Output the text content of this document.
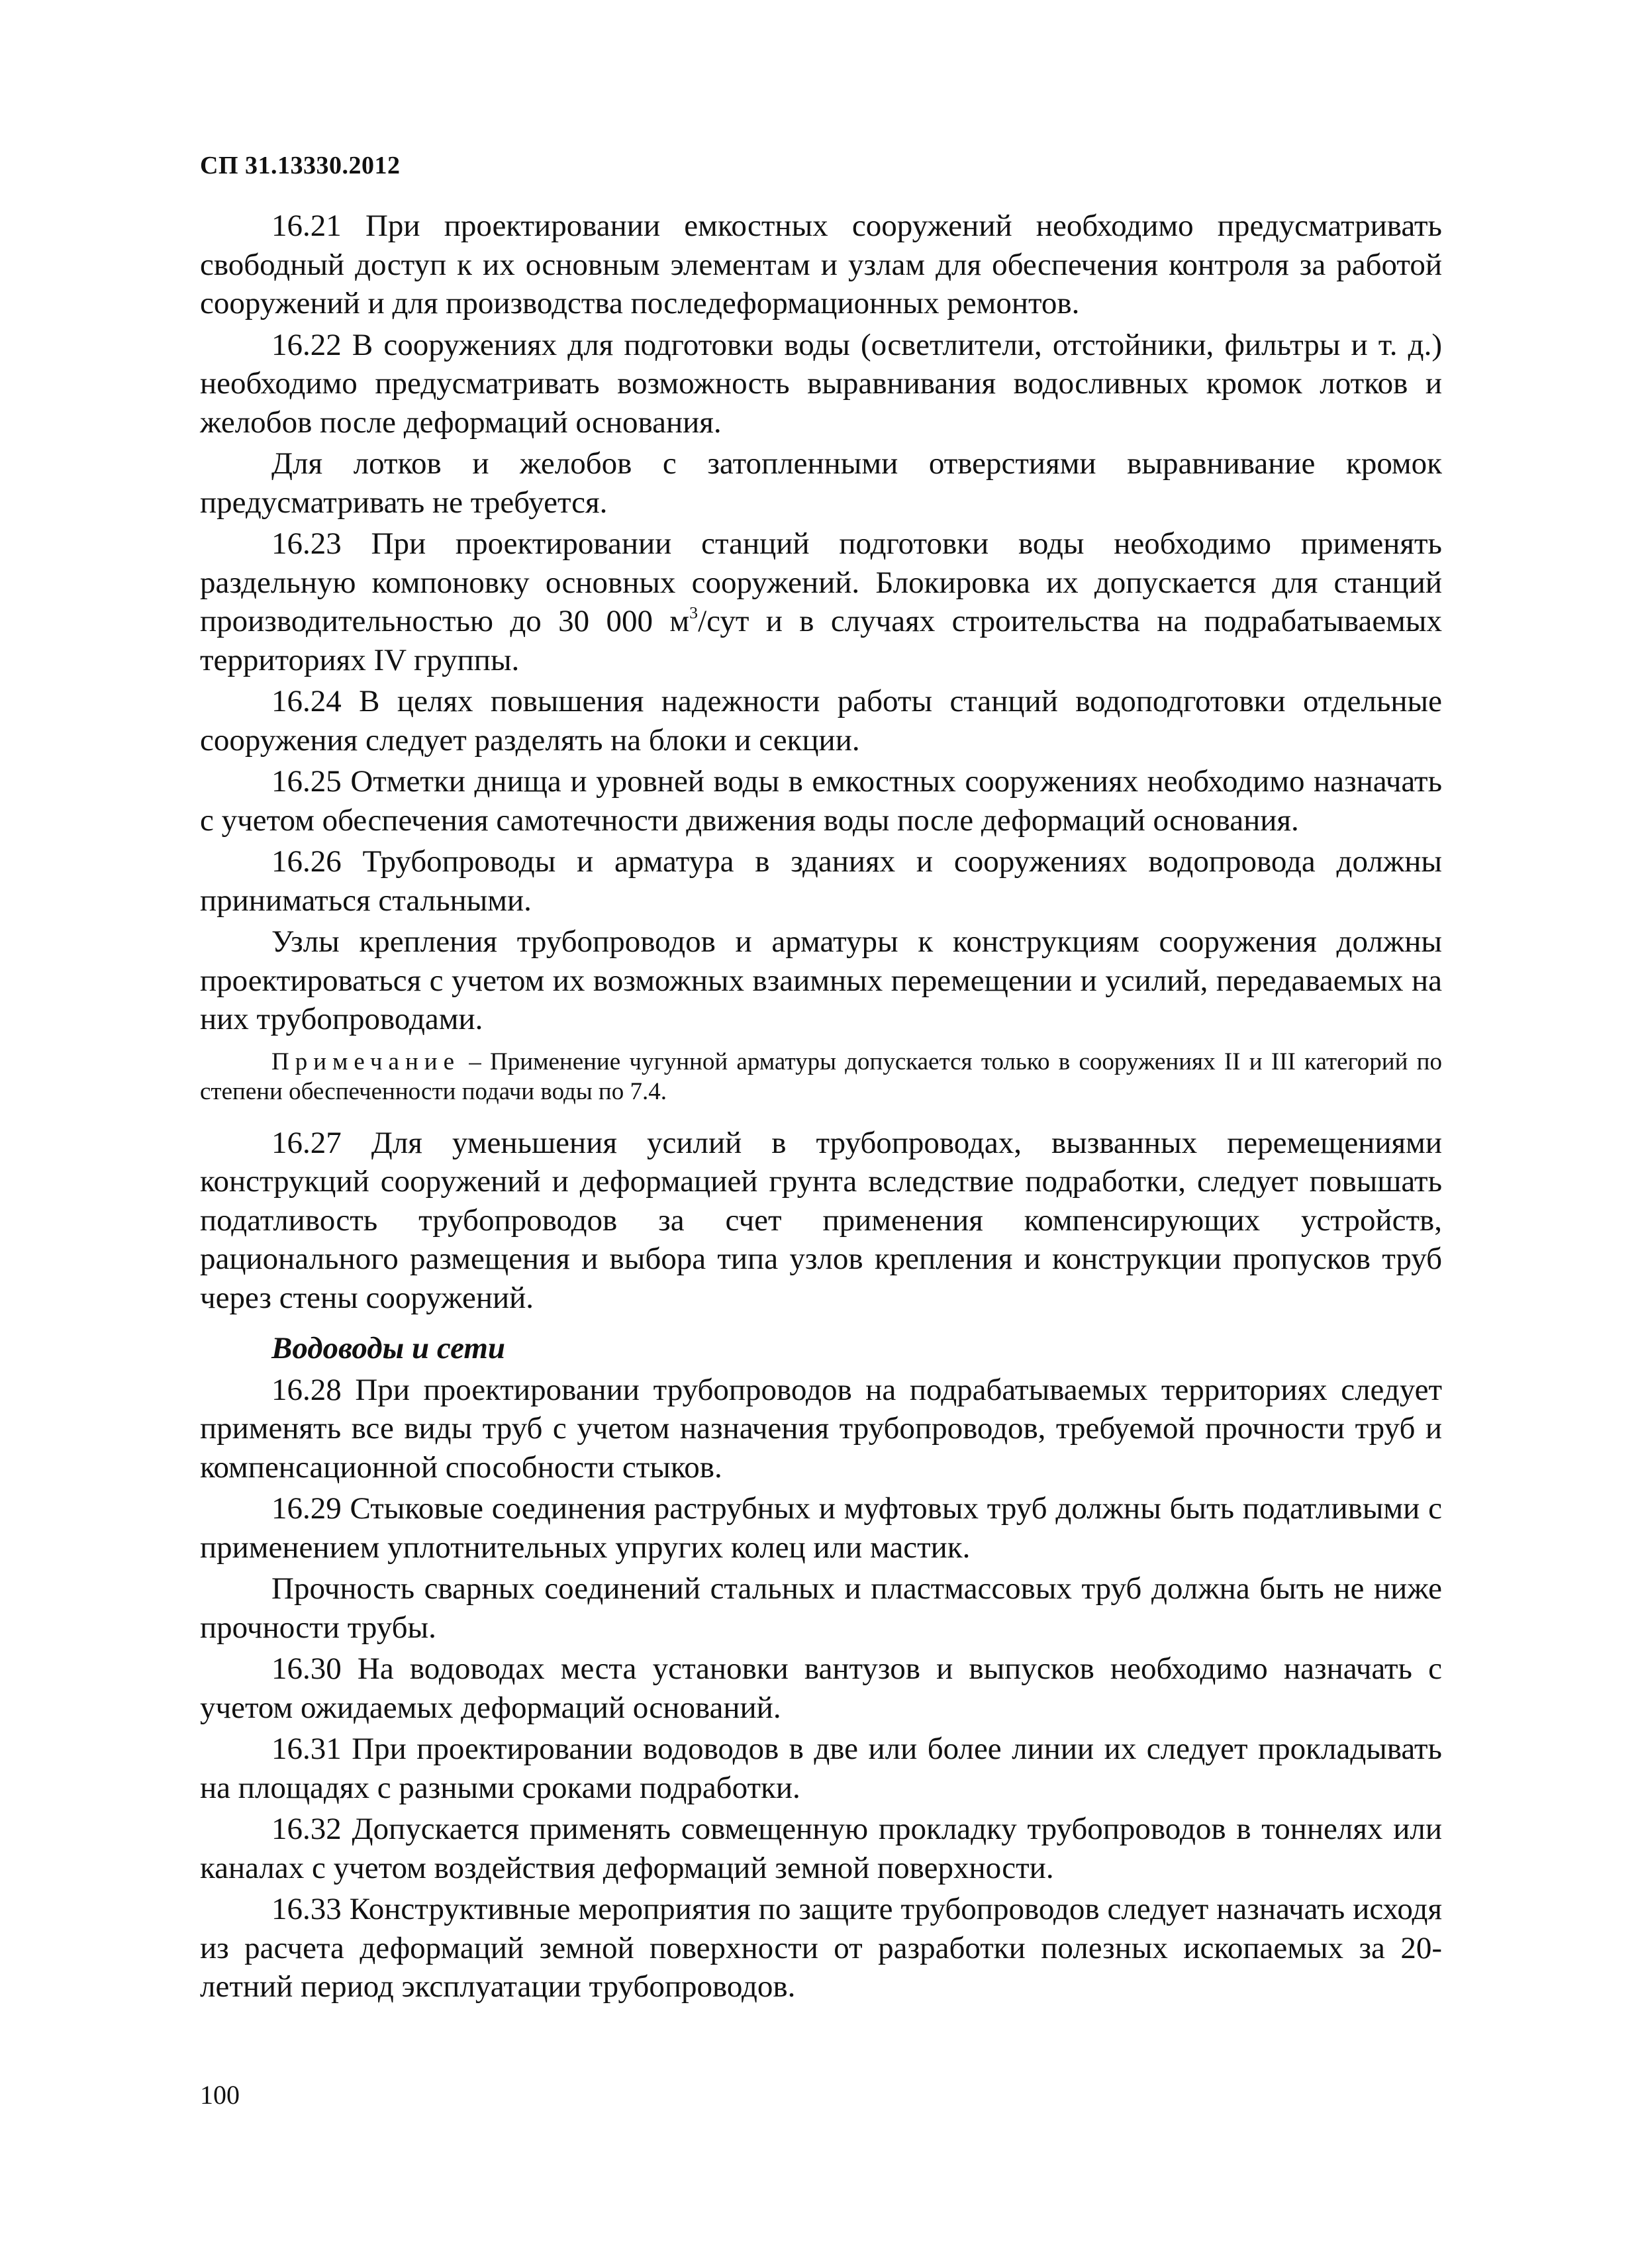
СП 31.13330.2012

16.21 При проектировании емкостных сооружений необходимо предусматривать свободный доступ к их основным элементам и узлам для обеспечения контроля за работой сооружений и для производства последеформационных ремонтов.

16.22 В сооружениях для подготовки воды (осветлители, отстойники, фильтры и т. д.) необходимо предусматривать возможность выравнивания водосливных кромок лотков и желобов после деформаций основания.

Для лотков и желобов с затопленными отверстиями выравнивание кромок предусматривать не требуется.

16.23 При проектировании станций подготовки воды необходимо применять раздельную компоновку основных сооружений. Блокировка их допускается для станций производительностью до 30 000 $м^3$/сут и в случаях строительства на подрабатываемых территориях IV группы.

16.24 В целях повышения надежности работы станций водоподготовки отдельные сооружения следует разделять на блоки и секции.

16.25 Отметки днища и уровней воды в емкостных сооружениях необходимо назначать с учетом обеспечения самотечности движения воды после деформаций основания.

16.26 Трубопроводы и арматура в зданиях и сооружениях водопровода должны приниматься стальными.

Узлы крепления трубопроводов и арматуры к конструкциям сооружения должны проектироваться с учетом их возможных взаимных перемещении и усилий, передаваемых на них трубопроводами.

Примечание – Применение чугунной арматуры допускается только в сооружениях II и III категорий по степени обеспеченности подачи воды по 7.4.

16.27 Для уменьшения усилий в трубопроводах, вызванных перемещениями конструкций сооружений и деформацией грунта вследствие подработки, следует повышать податливость трубопроводов за счет применения компенсирующих устройств, рационального размещения и выбора типа узлов крепления и конструкции пропусков труб через стены сооружений.

Водоводы и сети

16.28 При проектировании трубопроводов на подрабатываемых территориях следует применять все виды труб с учетом назначения трубопроводов, требуемой прочности труб и компенсационной способности стыков.

16.29 Стыковые соединения раструбных и муфтовых труб должны быть податливыми с применением уплотнительных упругих колец или мастик.

Прочность сварных соединений стальных и пластмассовых труб должна быть не ниже прочности трубы.

16.30 На водоводах места установки вантузов и выпусков необходимо назначать с учетом ожидаемых деформаций оснований.

16.31 При проектировании водоводов в две или более линии их следует прокладывать на площадях с разными сроками подработки.

16.32 Допускается применять совмещенную прокладку трубопроводов в тоннелях или каналах с учетом воздействия деформаций земной поверхности.

16.33 Конструктивные мероприятия по защите трубопроводов следует назначать исходя из расчета деформаций земной поверхности от разработки полезных ископаемых за 20-летний период эксплуатации трубопроводов.

100
